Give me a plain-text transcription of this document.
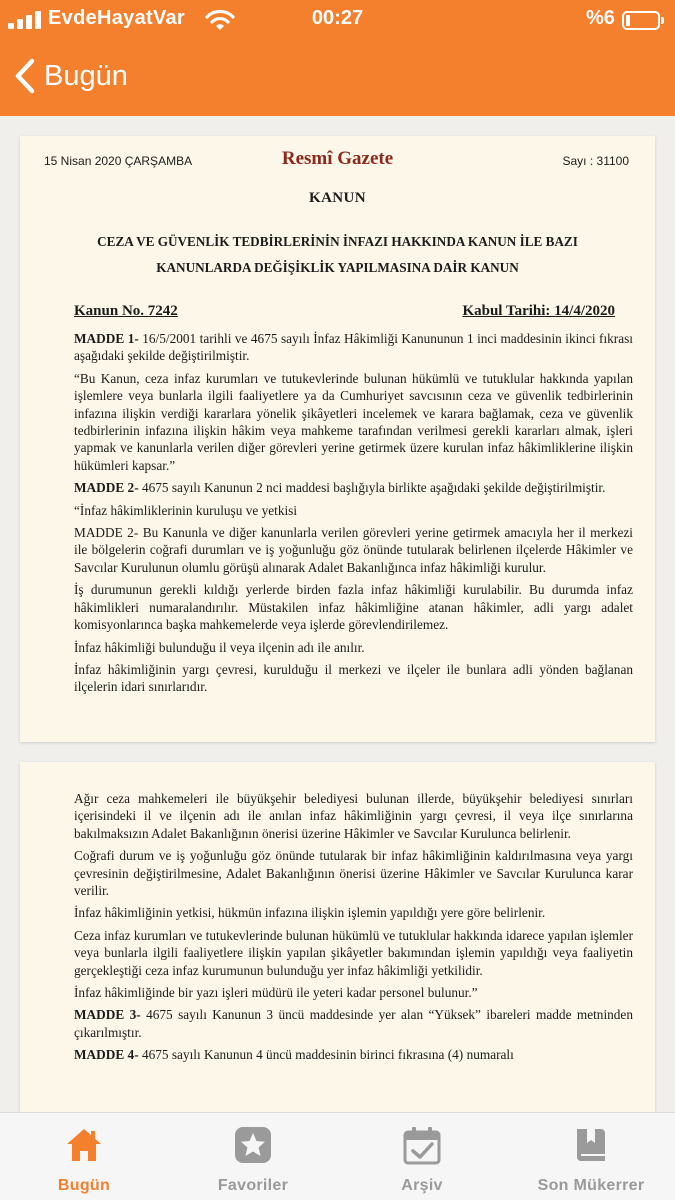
EvdeHayatVar	00:27	%6
Bugün
15 Nisan 2020 ÇARŞAMBA	Resmî Gazete	Sayı : 31100
KANUN
CEZA VE GÜVENLİK TEDBİRLERİNİN İNFAZI HAKKINDA KANUN İLE BAZI
KANUNLARDA DEĞİŞİKLİK YAPILMASINA DAİR KANUN
Kanun No. 7242	Kabul Tarihi: 14/4/2020

MADDE 1- 16/5/2001 tarihli ve 4675 sayılı İnfaz Hâkimliği Kanununun 1 inci maddesinin ikinci fıkrası aşağıdaki şekilde değiştirilmiştir.

“Bu Kanun, ceza infaz kurumları ve tutukevlerinde bulunan hükümlü ve tutuklular hakkında yapılan işlemlere veya bunlarla ilgili faaliyetlere ya da Cumhuriyet savcısının ceza ve güvenlik tedbirlerinin infazına ilişkin verdiği kararlara yönelik şikâyetleri incelemek ve karara bağlamak, ceza ve güvenlik tedbirlerinin infazına ilişkin hâkim veya mahkeme tarafından verilmesi gerekli kararları almak, işleri yapmak ve kanunlarla verilen diğer görevleri yerine getirmek üzere kurulan infaz hâkimliklerine ilişkin hükümleri kapsar.”

MADDE 2- 4675 sayılı Kanunun 2 nci maddesi başlığıyla birlikte aşağıdaki şekilde değiştirilmiştir.

“İnfaz hâkimliklerinin kuruluşu ve yetkisi

MADDE 2- Bu Kanunla ve diğer kanunlarla verilen görevleri yerine getirmek amacıyla her il merkezi ile bölgelerin coğrafi durumları ve iş yoğunluğu göz önünde tutularak belirlenen ilçelerde Hâkimler ve Savcılar Kurulunun olumlu görüşü alınarak Adalet Bakanlığınca infaz hâkimliği kurulur.

İş durumunun gerekli kıldığı yerlerde birden fazla infaz hâkimliği kurulabilir. Bu durumda infaz hâkimlikleri numaralandırılır. Müstakilen infaz hâkimliğine atanan hâkimler, adli yargı adalet komisyonlarınca başka mahkemelerde veya işlerde görevlendirilemez.

İnfaz hâkimliği bulunduğu il veya ilçenin adı ile anılır.

İnfaz hâkimliğinin yargı çevresi, kurulduğu il merkezi ve ilçeler ile bunlara adli yönden bağlanan ilçelerin idari sınırlarıdır.

Ağır ceza mahkemeleri ile büyükşehir belediyesi bulunan illerde, büyükşehir belediyesi sınırları içerisindeki il ve ilçenin adı ile anılan infaz hâkimliğinin yargı çevresi, il veya ilçe sınırlarına bakılmaksızın Adalet Bakanlığının önerisi üzerine Hâkimler ve Savcılar Kurulunca belirlenir.

Coğrafi durum ve iş yoğunluğu göz önünde tutularak bir infaz hâkimliğinin kaldırılmasına veya yargı çevresinin değiştirilmesine, Adalet Bakanlığının önerisi üzerine Hâkimler ve Savcılar Kurulunca karar verilir.

İnfaz hâkimliğinin yetkisi, hükmün infazına ilişkin işlemin yapıldığı yere göre belirlenir.

Ceza infaz kurumları ve tutukevlerinde bulunan hükümlü ve tutuklular hakkında idarece yapılan işlemler veya bunlarla ilgili faaliyetlere ilişkin yapılan şikâyetler bakımından işlemin yapıldığı veya faaliyetin gerçekleştiği ceza infaz kurumunun bulunduğu yer infaz hâkimliği yetkilidir.

İnfaz hâkimliğinde bir yazı işleri müdürü ile yeteri kadar personel bulunur.”

MADDE 3- 4675 sayılı Kanunun 3 üncü maddesinde yer alan “Yüksek” ibareleri madde metninden çıkarılmıştır.

MADDE 4- 4675 sayılı Kanunun 4 üncü maddesinin birinci fıkrasına (4) numaralı

Bugün	Favoriler	Arşiv	Son Mükerrer
